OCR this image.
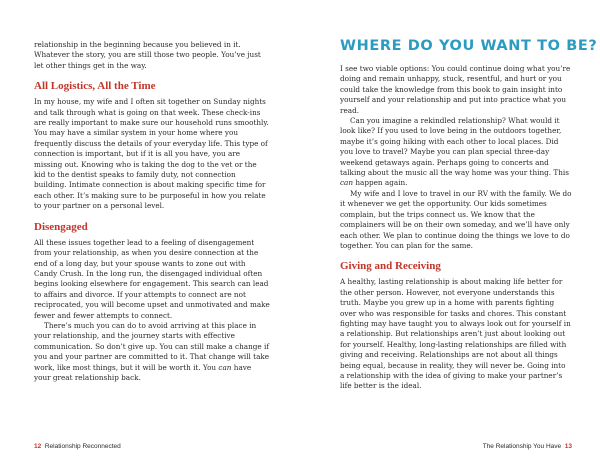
relationship in the beginning because you believed in it. Whatever the story, you are still those two people. You’ve just let other things get in the way.

All Logistics, All the Time

In my house, my wife and I often sit together on Sunday nights and talk through what is going on that week. These check-ins are really important to make sure our household runs smoothly. You may have a similar system in your home where you frequently discuss the details of your everyday life. This type of connection is important, but if it is all you have, you are missing out. Knowing who is taking the dog to the vet or the kid to the dentist speaks to family duty, not connection building. Intimate connection is about making specific time for each other. It’s making sure to be purposeful in how you relate to your partner on a personal level.

Disengaged

All these issues together lead to a feeling of disengagement from your relationship, as when you desire connection at the end of a long day, but your spouse wants to zone out with Candy Crush. In the long run, the disengaged individual often begins looking elsewhere for engagement. This search can lead to affairs and divorce. If your attempts to connect are not reciprocated, you will become upset and unmotivated and make fewer and fewer attempts to connect.

There’s much you can do to avoid arriving at this place in your relationship, and the journey starts with effective communication. So don’t give up. You can still make a change if you and your partner are committed to it. That change will take work, like most things, but it will be worth it. You can have your great relationship back.

12 Relationship Reconnected
WHERE DO YOU WANT TO BE?

I see two viable options: You could continue doing what you’re doing and remain unhappy, stuck, resentful, and hurt or you could take the knowledge from this book to gain insight into yourself and your relationship and put into practice what you read.

Can you imagine a rekindled relationship? What would it look like? If you used to love being in the outdoors together, maybe it’s going hiking with each other to local places. Did you love to travel? Maybe you can plan special three-day weekend getaways again. Perhaps going to concerts and talking about the music all the way home was your thing. This can happen again.

My wife and I love to travel in our RV with the family. We do it whenever we get the opportunity. Our kids sometimes complain, but the trips connect us. We know that the complainers will be on their own someday, and we’ll have only each other. We plan to continue doing the things we love to do together. You can plan for the same.

Giving and Receiving

A healthy, lasting relationship is about making life better for the other person. However, not everyone understands this truth. Maybe you grew up in a home with parents fighting over who was responsible for tasks and chores. This constant fighting may have taught you to always look out for yourself in a relationship. But relationships aren’t just about looking out for yourself. Healthy, long-lasting relationships are filled with giving and receiving. Relationships are not about all things being equal, because in reality, they will never be. Going into a relationship with the idea of giving to make your partner’s life better is the ideal.

The Relationship You Have 13
